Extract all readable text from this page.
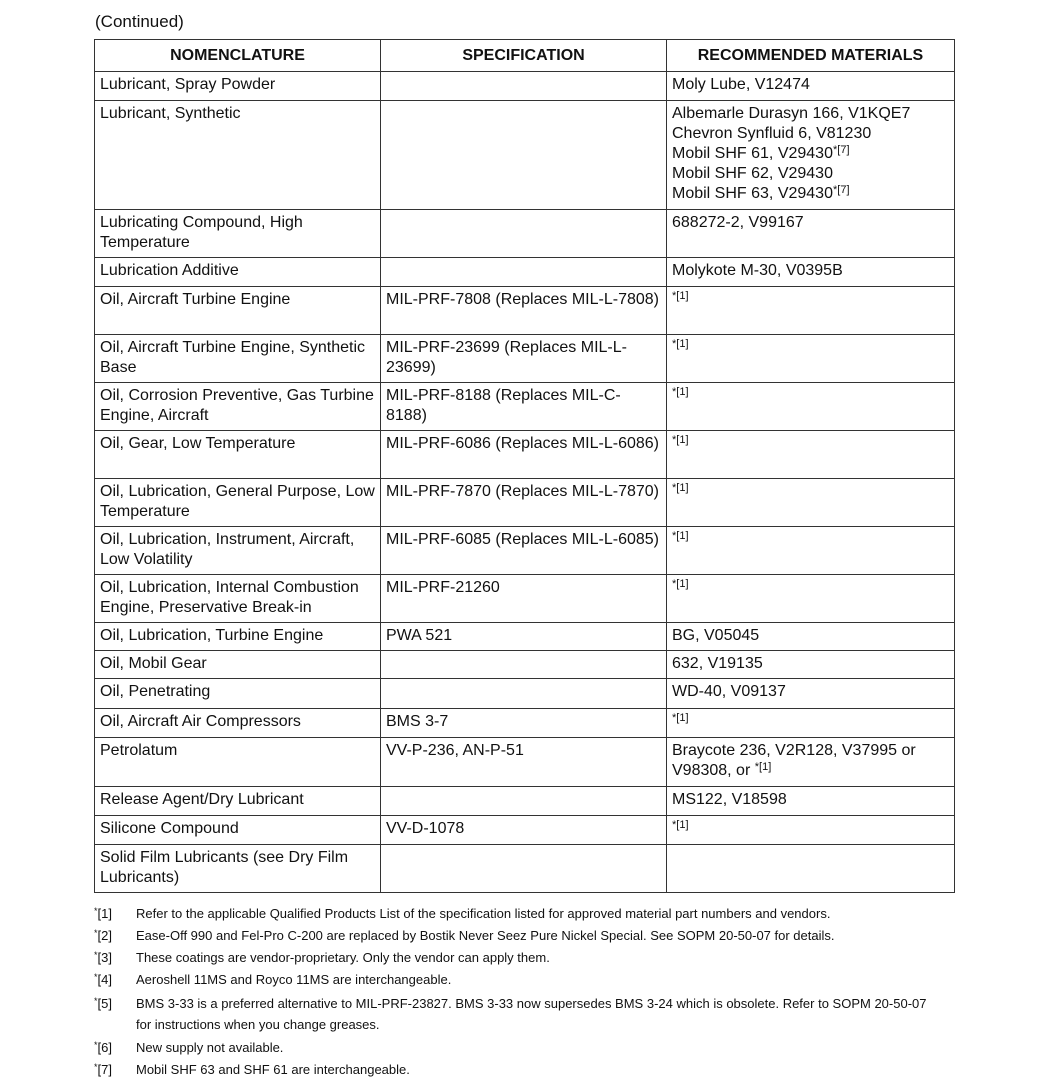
(Continued)
NOMENCLATURE	SPECIFICATION	RECOMMENDED MATERIALS
Lubricant, Spray Powder		Moly Lube, V12474

Lubricant, Synthetic		Albemarle Durasyn 166, V1KQE7
Chevron Synfluid 6, V81230
Mobil SHF 61, $V29430^{*[7]}$
Mobil SHF 62, V29430
Mobil SHF 63, $V29430^{*[7]}$

Lubricating Compound, High Temperature		688272-2, V99167

Lubrication Additive		Molykote M-30, V0395B

Oil, Aircraft Turbine Engine	MIL-PRF-7808 (Replaces MIL-L-7808)	$^{*[1]}$

Oil, Aircraft Turbine Engine, Synthetic Base	MIL-PRF-23699 (Replaces MIL-L-23699)	$^{*[1]}$

Oil, Corrosion Preventive, Gas Turbine Engine, Aircraft	MIL-PRF-8188 (Replaces MIL-C-8188)	$^{*[1]}$

Oil, Gear, Low Temperature	MIL-PRF-6086 (Replaces MIL-L-6086)	$^{*[1]}$

Oil, Lubrication, General Purpose, Low Temperature	MIL-PRF-7870 (Replaces MIL-L-7870)	$^{*[1]}$

Oil, Lubrication, Instrument, Aircraft, Low Volatility	MIL-PRF-6085 (Replaces MIL-L-6085)	$^{*[1]}$

Oil, Lubrication, Internal Combustion Engine, Preservative Break-in	MIL-PRF-21260	$^{*[1]}$

Oil, Lubrication, Turbine Engine	PWA 521	BG, V05045

Oil, Mobil Gear		632, V19135

Oil, Penetrating		WD-40, V09137

Oil, Aircraft Air Compressors	BMS 3-7	$^{*[1]}$

Petrolatum	VV-P-236, AN-P-51	Braycote 236, V2R128, V37995 or V98308, or $^{*[1]}$

Release Agent/Dry Lubricant		MS122, V18598

Silicone Compound	VV-D-1078	$^{*[1]}$

Solid Film Lubricants (see Dry Film Lubricants)		
*[1]	Refer to the applicable Qualified Products List of the specification listed for approved material part numbers and vendors.
*[2]	Ease-Off 990 and Fel-Pro C-200 are replaced by Bostik Never Seez Pure Nickel Special. See SOPM 20-50-07 for details.
*[3]	These coatings are vendor-proprietary. Only the vendor can apply them.
*[4]	Aeroshell 11MS and Royco 11MS are interchangeable.
*[5]	BMS 3-33 is a preferred alternative to MIL-PRF-23827. BMS 3-33 now supersedes BMS 3-24 which is obsolete. Refer to SOPM 20-50-07 for instructions when you change greases.
*[6]	New supply not available.
*[7]	Mobil SHF 63 and SHF 61 are interchangeable.
